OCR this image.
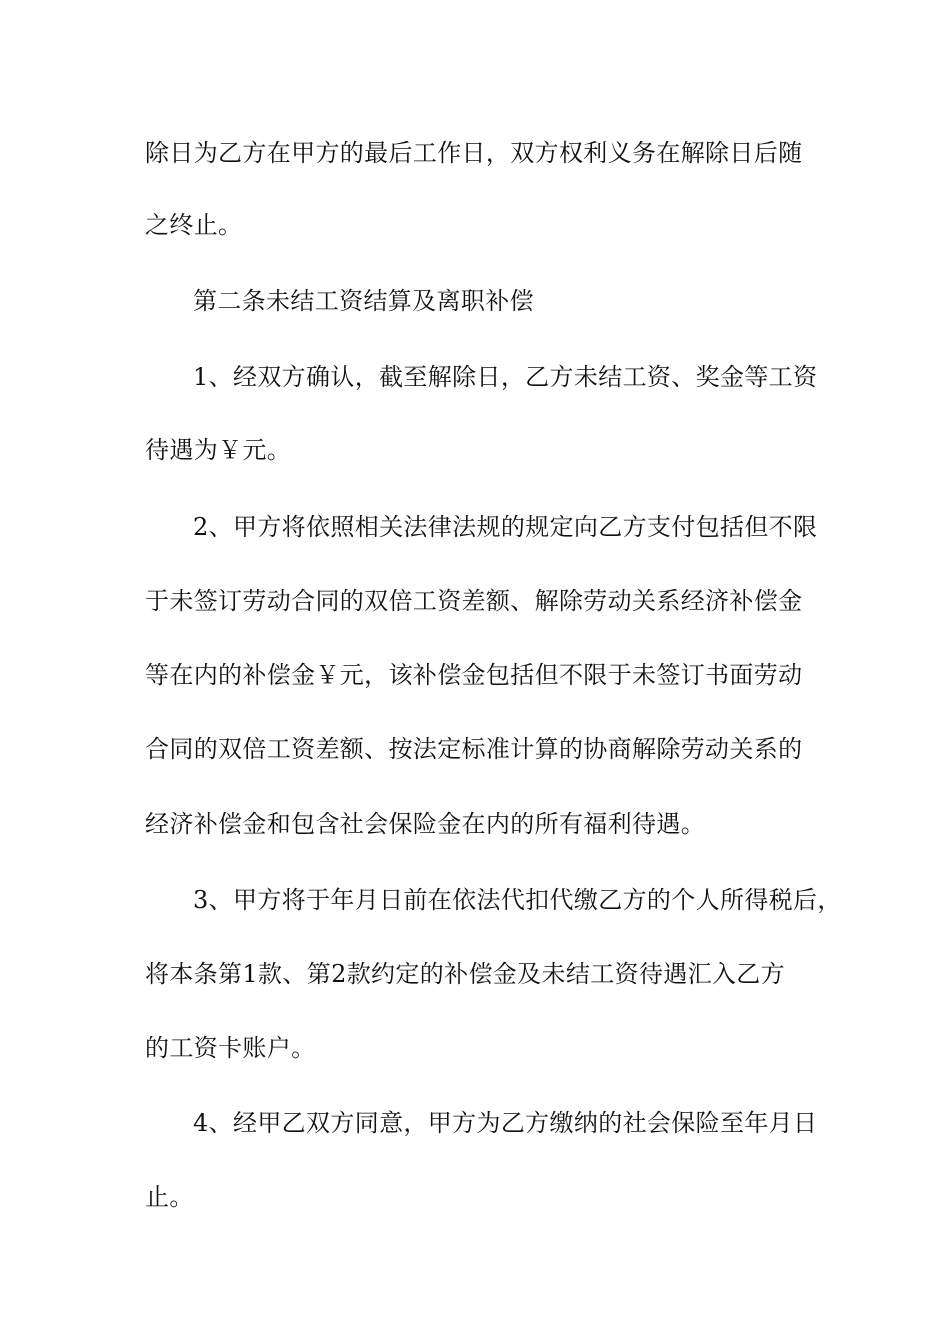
除日为乙方在甲方的最后工作日，双方权利义务在解除日后随
之终止。
第二条未结工资结算及离职补偿
1、经双方确认，截至解除日，乙方未结工资、奖金等工资
待遇为￥元。
2、甲方将依照相关法律法规的规定向乙方支付包括但不限
于未签订劳动合同的双倍工资差额、解除劳动关系经济补偿金
等在内的补偿金￥元，该补偿金包括但不限于未签订书面劳动
合同的双倍工资差额、按法定标准计算的协商解除劳动关系的
经济补偿金和包含社会保险金在内的所有福利待遇。
3、甲方将于年月日前在依法代扣代缴乙方的个人所得税后，
将本条第1款、第2款约定的补偿金及未结工资待遇汇入乙方
的工资卡账户。
4、经甲乙双方同意，甲方为乙方缴纳的社会保险至年月日
止。
